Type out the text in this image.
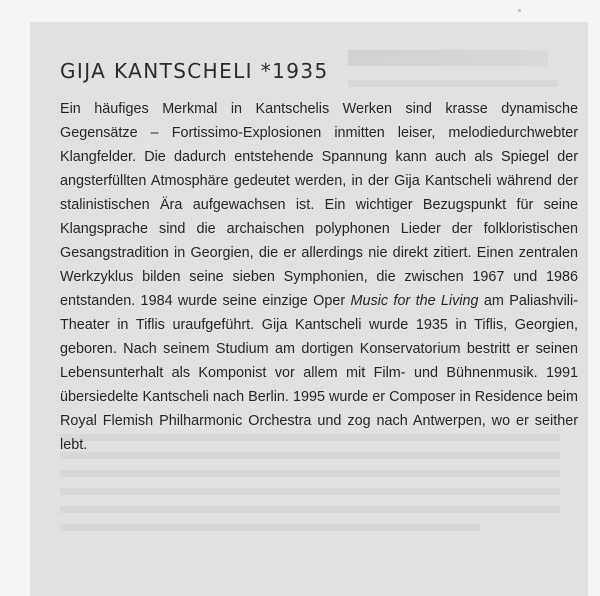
GIJA KANTSCHELI *1935

Ein häufiges Merkmal in Kantschelis Werken sind krasse dynamische Gegensätze – Fortissimo-Explosionen inmitten leiser, melodiedurchwebter Klangfelder. Die dadurch entstehende Spannung kann auch als Spiegel der angsterfüllten Atmosphäre gedeutet werden, in der Gija Kantscheli während der stalinistischen Ära aufgewachsen ist. Ein wichtiger Bezugspunkt für seine Klangsprache sind die archaischen polyphonen Lieder der folkloristischen Gesangstradition in Georgien, die er allerdings nie direkt zitiert. Einen zentralen Werkzyklus bilden seine sieben Symphonien, die zwischen 1967 und 1986 entstanden. 1984 wurde seine einzige Oper Music for the Living am Paliashvili-Theater in Tiflis uraufgeführt. Gija Kantscheli wurde 1935 in Tiflis, Georgien, geboren. Nach seinem Studium am dortigen Konservatorium bestritt er seinen Lebensunterhalt als Komponist vor allem mit Film- und Bühnenmusik. 1991 übersiedelte Kantscheli nach Berlin. 1995 wurde er Composer in Residence beim Royal Flemish Philharmonic Orchestra und zog nach Antwerpen, wo er seither lebt.
